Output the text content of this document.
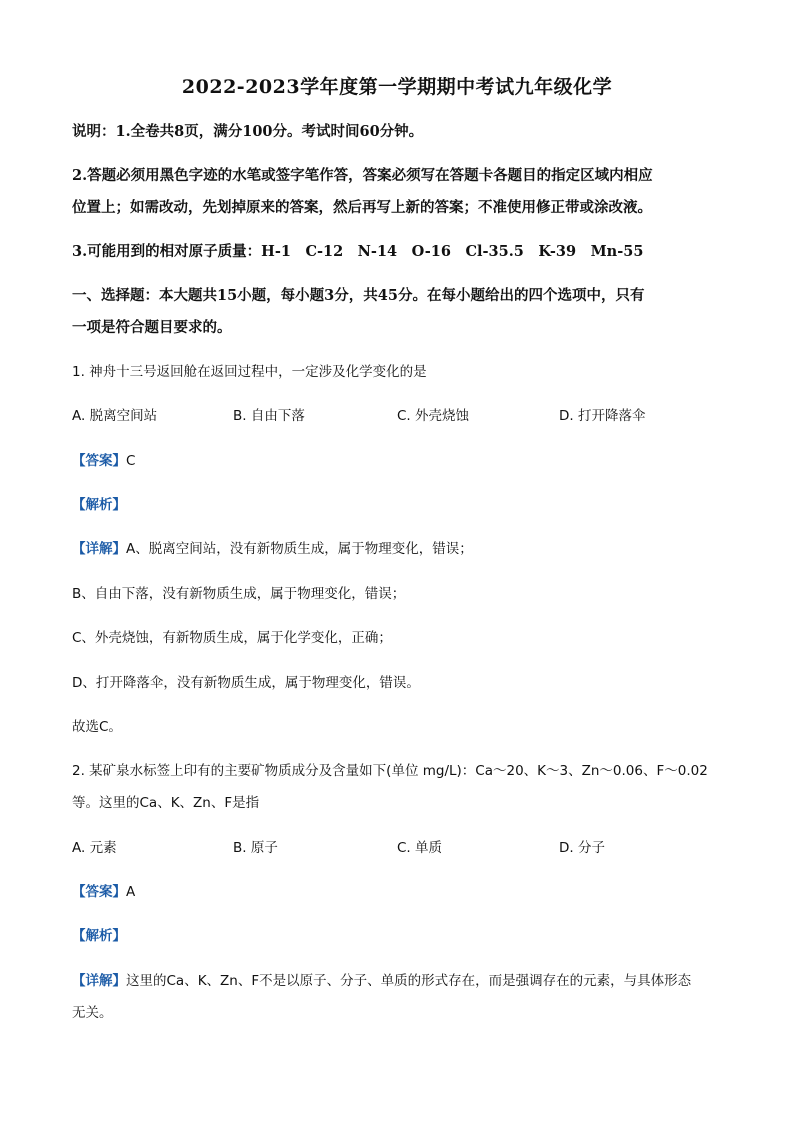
2022-2023学年度第一学期期中考试九年级化学
说明：1.全卷共8页，满分100分。考试时间60分钟。
2.答题必须用黑色字迹的水笔或签字笔作答，答案必须写在答题卡各题目的指定区域内相应
位置上；如需改动，先划掉原来的答案，然后再写上新的答案；不准使用修正带或涂改液。
3.可能用到的相对原子质量：H-1　C-12　N-14　O-16　Cl-35.5　K-39　Mn-55
一、选择题：本大题共15小题，每小题3分，共45分。在每小题给出的四个选项中，只有
一项是符合题目要求的。
1. 神舟十三号返回舱在返回过程中，一定涉及化学变化的是
A. 脱离空间站	B. 自由下落	C. 外壳烧蚀	D. 打开降落伞
【答案】C
【解析】
【详解】A、脱离空间站，没有新物质生成，属于物理变化，错误；
B、自由下落，没有新物质生成，属于物理变化，错误；
C、外壳烧蚀，有新物质生成，属于化学变化，正确；
D、打开降落伞，没有新物质生成，属于物理变化，错误。
故选C。
2. 某矿泉水标签上印有的主要矿物质成分及含量如下(单位 mg/L)：Ca～20、K～3、Zn～0.06、F～0.02
等。这里的Ca、K、Zn、F是指
A. 元素	B. 原子	C. 单质	D. 分子
【答案】A
【解析】
【详解】这里的Ca、K、Zn、F不是以原子、分子、单质的形式存在，而是强调存在的元素，与具体形态
无关。
